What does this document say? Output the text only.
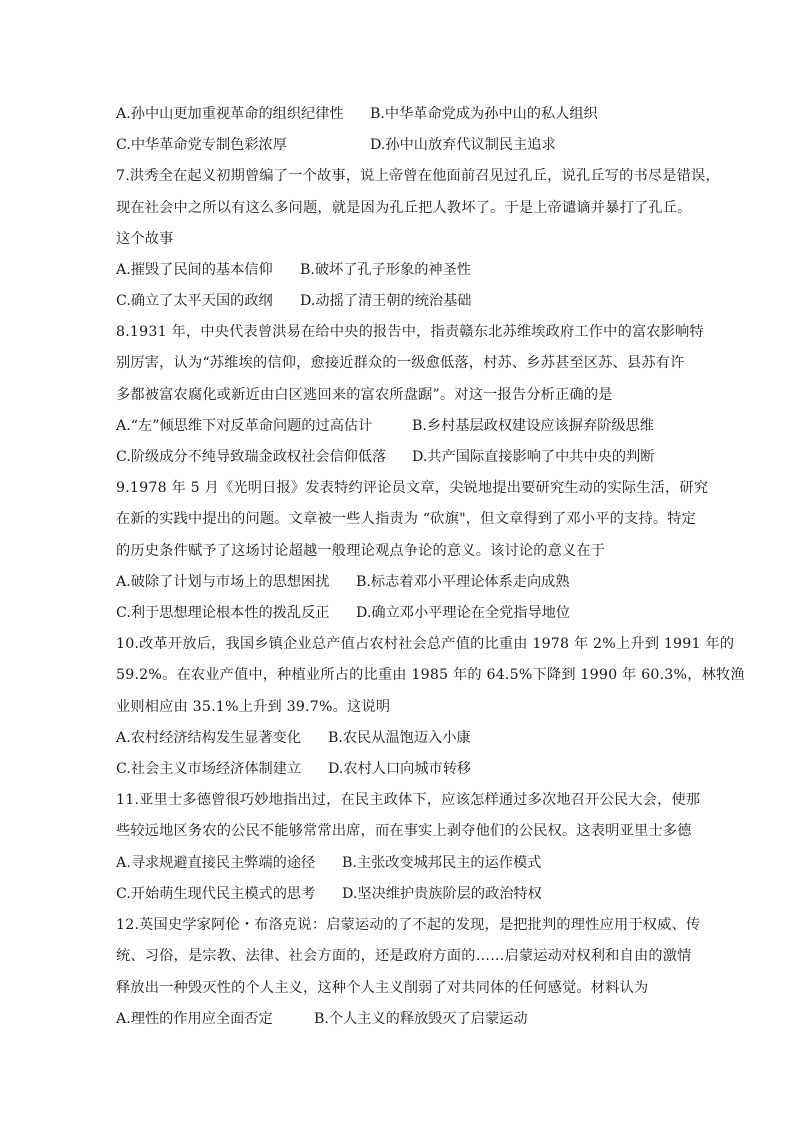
A.孙中山更加重视革命的组织纪律性 B.中华革命党成为孙中山的私人组织
C.中华革命党专制色彩浓厚	D.孙中山放弃代议制民主追求
7.洪秀全在起义初期曾编了一个故事，说上帝曾在他面前召见过孔丘，说孔丘写的书尽是错误，
现在社会中之所以有这么多问题，就是因为孔丘把人教坏了。于是上帝谴谪并暴打了孔丘。
这个故事
A.摧毁了民间的基本信仰 B.破坏了孔子形象的神圣性
C.确立了太平天国的政纲 D.动摇了清王朝的统治基础
8.1931 年，中央代表曾洪易在给中央的报告中，指责赣东北苏维埃政府工作中的富农影响特
别厉害，认为“苏维埃的信仰，愈接近群众的一级愈低落，村苏、乡苏甚至区苏、县苏有许
多都被富农腐化或新近由白区逃回来的富农所盘踞”。对这一报告分析正确的是
A.“左”倾思维下对反革命问题的过高估计	B.乡村基层政权建设应该摒弃阶级思维
C.阶级成分不纯导致瑞金政权社会信仰低落 D.共产国际直接影响了中共中央的判断
9.1978 年 5 月《光明日报》发表特约评论员文章，尖锐地提出要研究生动的实际生活，研究
在新的实践中提出的问题。文章被一些人指责为 “砍旗"，但文章得到了邓小平的支持。特定
的历史条件赋予了这场讨论超越一般理论观点争论的意义。该讨论的意义在于
A.破除了计划与市场上的思想困扰 B.标志着邓小平理论体系走向成熟
C.利于思想理论根本性的拨乱反正 D.确立邓小平理论在全党指导地位
10.改革开放后，我国乡镇企业总产值占农村社会总产值的比重由 1978 年 2%上升到 1991 年的
59.2%。在农业产值中，种植业所占的比重由 1985 年的 64.5%下降到 1990 年 60.3%，林牧渔
业则相应由 35.1%上升到 39.7%。这说明
A.农村经济结构发生显著变化 B.农民从温饱迈入小康
C.社会主义市场经济体制建立 D.农村人口向城市转移
11.亚里士多德曾很巧妙地指出过，在民主政体下，应该怎样通过多次地召开公民大会，使那
些较远地区务农的公民不能够常常出席，而在事实上剥夺他们的公民权。这表明亚里士多德
A.寻求规避直接民主弊端的途径 B.主张改变城邦民主的运作模式
C.开始萌生现代民主模式的思考 D.坚决维护贵族阶层的政治特权
12.英国史学家阿伦・布洛克说：启蒙运动的了不起的发现，是把批判的理性应用于权威、传
统、习俗，是宗教、法律、社会方面的，还是政府方面的……启蒙运动对权利和自由的激情
释放出一种毁灭性的个人主义，这种个人主义削弱了对共同体的任何感觉。材料认为
A.理性的作用应全面否定	B.个人主义的释放毁灭了启蒙运动
